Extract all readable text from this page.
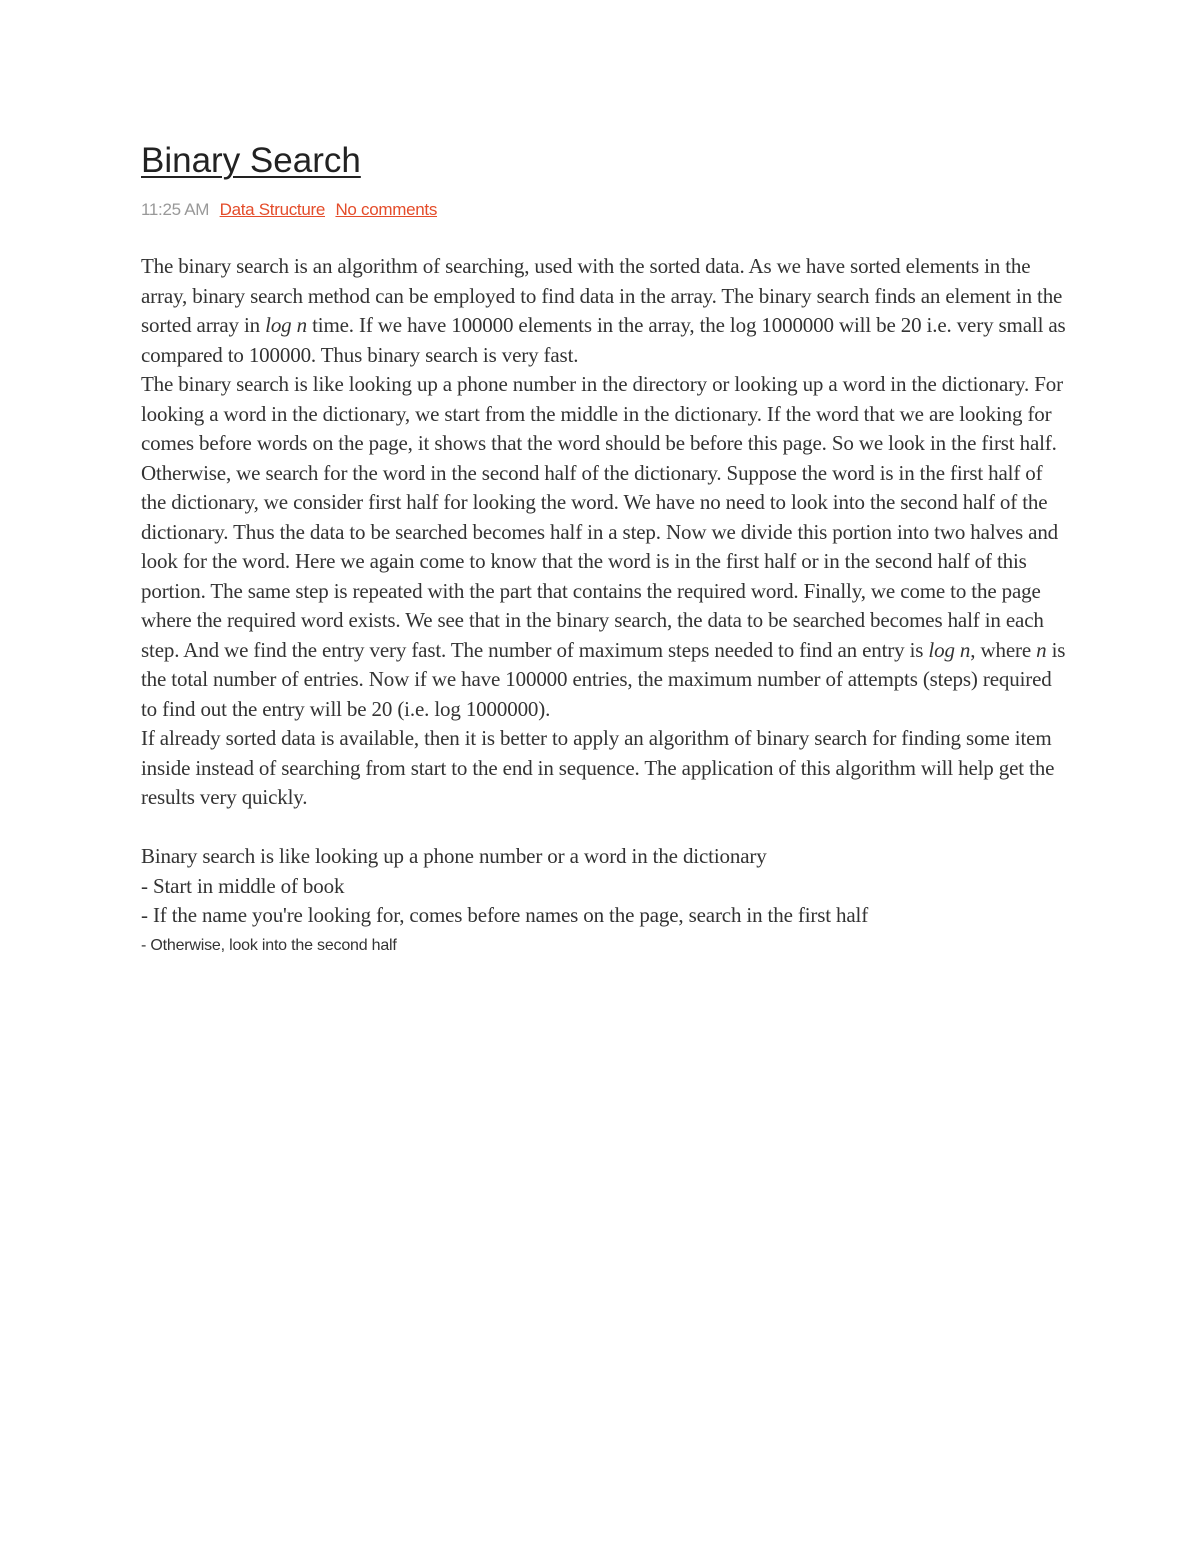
Binary Search
11:25 AM Data Structure No comments

The binary search is an algorithm of searching, used with the sorted data. As we have sorted elements in the array, binary search method can be employed to find data in the array. The binary search finds an element in the sorted array in log n time. If we have 100000 elements in the array, the log 1000000 will be 20 i.e. very small as compared to 100000. Thus binary search is very fast.

The binary search is like looking up a phone number in the directory or looking up a word in the dictionary. For looking a word in the dictionary, we start from the middle in the dictionary. If the word that we are looking for comes before words on the page, it shows that the word should be before this page. So we look in the first half. Otherwise, we search for the word in the second half of the dictionary. Suppose the word is in the first half of the dictionary, we consider first half for looking the word. We have no need to look into the second half of the dictionary. Thus the data to be searched becomes half in a step. Now we divide this portion into two halves and look for the word. Here we again come to know that the word is in the first half or in the second half of this portion. The same step is repeated with the part that contains the required word. Finally, we come to the page where the required word exists. We see that in the binary search, the data to be searched becomes half in each step. And we find the entry very fast. The number of maximum steps needed to find an entry is log n, where n is the total number of entries. Now if we have 100000 entries, the maximum number of attempts (steps) required to find out the entry will be 20 (i.e. log 1000000).

If already sorted data is available, then it is better to apply an algorithm of binary search for finding some item inside instead of searching from start to the end in sequence. The application of this algorithm will help get the results very quickly.

Binary search is like looking up a phone number or a word in the dictionary

- Start in middle of book

- If the name you're looking for, comes before names on the page, search in the first half

- Otherwise, look into the second half
